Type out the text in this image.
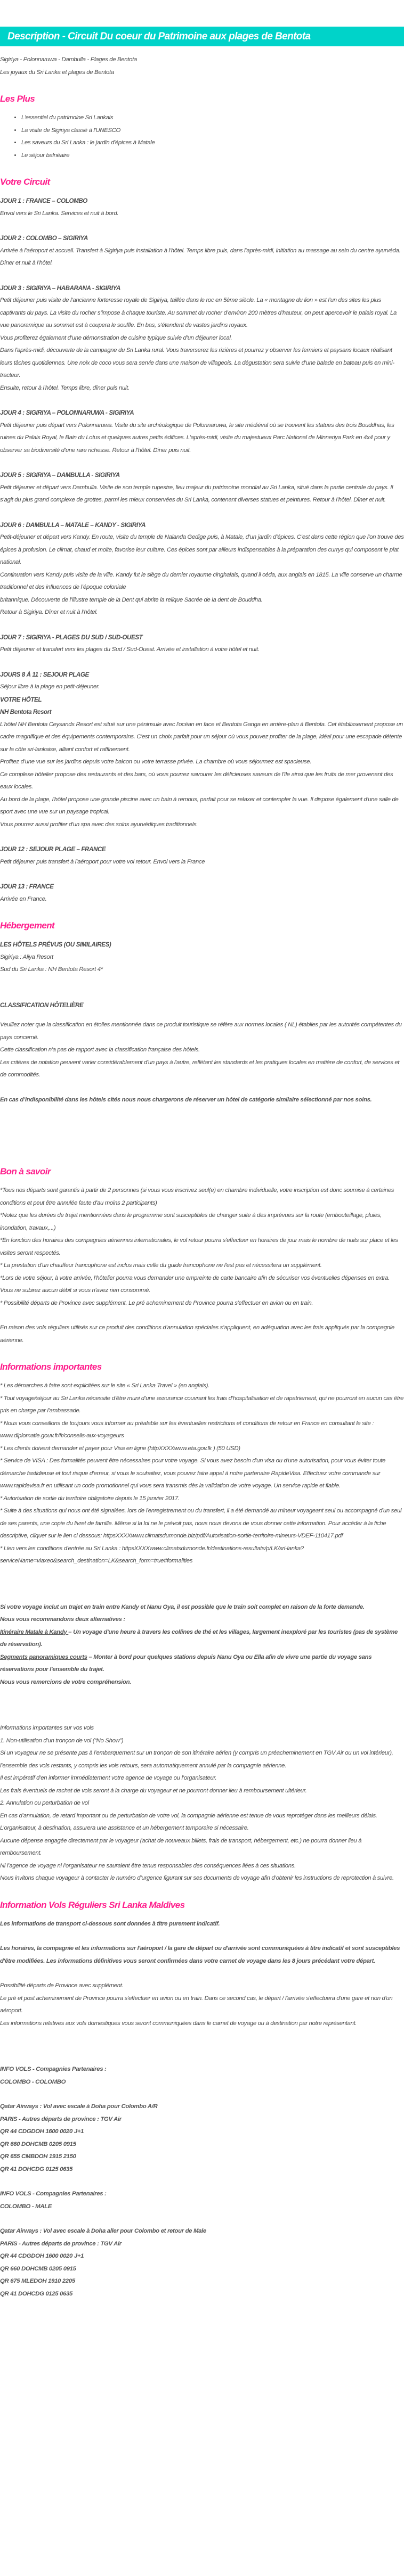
Description - Circuit Du coeur du Patrimoine aux plages de Bentota

Sigiriya - Polonnaruwa - Dambulla - Plages de Bentota

Les joyaux du Sri Lanka et plages de Bentota

Les Plus
• L'essentiel du patrimoine Sri Lankais
• La visite de Sigiriya classé à l'UNESCO
• Les saveurs du Sri Lanka : le jardin d'épices à Matale
• Le séjour balnéaire
Votre Circuit
JOUR 1 : FRANCE – COLOMBO

Envol vers le Sri Lanka. Services et nuit à bord.

JOUR 2 : COLOMBO – SIGIRIYA

Arrivée à l’aéroport et accueil. Transfert à Sigiriya puis installation à l’hôtel. Temps libre puis, dans l’après-midi, initiation au massage au sein du centre ayurvéda. Dîner et nuit à l’hôtel.

JOUR 3 : SIGIRIYA – HABARANA - SIGIRIYA

Petit déjeuner puis visite de l’ancienne forteresse royale de Sigiriya, taillée dans le roc en 5ème siècle. La « montagne du lion » est l’un des sites les plus captivants du pays. La visite du rocher s’impose à chaque touriste. Au sommet du rocher d’environ 200 mètres d’hauteur, on peut apercevoir le palais royal. La vue panoramique au sommet est à coupera le souffle. En bas, s’étendent de vastes jardins royaux.
Vous profiterez également d’une démonstration de cuisine typique suivie d’un déjeuner local.
Dans l'après-midi, découverte de la campagne du Sri Lanka rural. Vous traverserez les rizières et pourrez y observer les fermiers et paysans locaux réalisant leurs tâches quotidiennes. Une noix de coco vous sera servie dans une maison de villageois. La dégustation sera suivie d’une balade en bateau puis en mini-tracteur.
Ensuite, retour à l’hôtel. Temps libre, dîner puis nuit.

JOUR 4 : SIGIRIYA – POLONNARUWA - SIGIRIYA

Petit déjeuner puis départ vers Polonnaruwa. Visite du site archéologique de Polonnaruwa, le site médiéval où se trouvent les statues des trois Bouddhas, les ruines du Palais Royal, le Bain du Lotus et quelques autres petits édifices. L'après-midi, visite du majestueux Parc National de Minneriya Park en 4x4 pour y observer sa biodiversité d’une rare richesse. Retour à l’hôtel. Dîner puis nuit.

JOUR 5 : SIGIRIYA – DAMBULLA - SIGIRIYA

Petit déjeuner et départ vers Dambulla. Visite de son temple rupestre, lieu majeur du patrimoine mondial au Sri Lanka, situé dans la partie centrale du pays. Il s’agit du plus grand complexe de grottes, parmi les mieux conservées du Sri Lanka, contenant diverses statues et peintures. Retour à l’hôtel. Dîner et nuit.

JOUR 6 : DAMBULLA – MATALE – KANDY - SIGIRIYA

Petit-déjeuner et départ vers Kandy. En route, visite du temple de Nalanda Gedige puis, à Matale, d’un jardin d’épices. C’est dans cette région que l’on trouve des épices à profusion. Le climat, chaud et moite, favorise leur culture. Ces épices sont par ailleurs indispensables à la préparation des currys qui composent le plat national.
Continuation vers Kandy puis visite de la ville. Kandy fut le siège du dernier royaume cinghalais, quand il céda, aux anglais en 1815. La ville conserve un charme traditionnel et des influences de l’époque coloniale
britannique. Découverte de l’illustre temple de la Dent qui abrite la relique Sacrée de la dent de Bouddha.
Retour à Sigiriya. Dîner et nuit à l’hôtel.

JOUR 7 : SIGIRIYA - PLAGES DU SUD / SUD-OUEST

Petit déjeuner et transfert vers les plages du Sud / Sud-Ouest. Arrivée et installation à votre hôtel et nuit.

JOURS 8 À 11 : SEJOUR PLAGE

Séjour libre à la plage en petit-déjeuner.

VOTRE HÔTEL
NH Bentota Resort

L'hôtel NH Bentota Ceysands Resort est situé sur une péninsule avec l'océan en face et Bentota Ganga en arrière-plan à Bentota. Cet établissement propose un cadre magnifique et des équipements contemporains. C'est un choix parfait pour un séjour où vous pouvez profiter de la plage, idéal pour une escapade détente sur la côte sri-lankaise, alliant confort et raffinement.
Profitez d’une vue sur les jardins depuis votre balcon ou votre terrasse privée. La chambre où vous séjournez est spacieuse.
Ce complexe hôtelier propose des restaurants et des bars, où vous pourrez savourer les délicieuses saveurs de l'île ainsi que les fruits de mer provenant des eaux locales.
Au bord de la plage, l'hôtel propose une grande piscine avec un bain à remous, parfait pour se relaxer et contempler la vue. Il dispose également d'une salle de sport avec une vue sur un paysage tropical.
Vous pourrez aussi profiter d'un spa avec des soins ayurvédiques traditionnels.

JOUR 12 : SEJOUR PLAGE – FRANCE

Petit déjeuner puis transfert à l’aéroport pour votre vol retour. Envol vers la France

JOUR 13 : FRANCE

Arrivée en France.

Hébergement
LES HÔTELS PRÉVUS (OU SIMILAIRES)

Sigiriya : Aliya Resort
Sud du Sri Lanka : NH Bentota Resort 4*

CLASSIFICATION HÔTELIÈRE

Veuillez noter que la classification en étoiles mentionnée dans ce produit touristique se réfère aux normes locales ( NL) établies par les autorités compétentes du pays concerné.
Cette classification n'a pas de rapport avec la classification française des hôtels.
Les critères de notation peuvent varier considérablement d'un pays à l'autre, reflétant les standards et les pratiques locales en matière de confort, de services et de commodités.

En cas d’indisponibilité dans les hôtels cités nous nous chargerons de réserver un hôtel de catégorie similaire sélectionné par nos soins.

Bon à savoir

*Tous nos départs sont garantis à partir de 2 personnes (si vous vous inscrivez seul(e) en chambre individuelle, votre inscription est donc soumise à certaines conditions et peut être annulée faute d'au moins 2 participants)
*Notez que les durées de trajet mentionnées dans le programme sont susceptibles de changer suite à des imprévues sur la route (embouteillage, pluies, inondation, travaux,...)
*En fonction des horaires des compagnies aériennes internationales, le vol retour pourra s'effectuer en horaires de jour mais le nombre de nuits sur place et les visites seront respectés.
* La prestation d'un chauffeur francophone est inclus mais celle du guide francophone ne l'est pas et nécessitera un supplément.
*Lors de votre séjour, à votre arrivée, l’hôtelier pourra vous demander une empreinte de carte bancaire afin de sécuriser vos éventuelles dépenses en extra. Vous ne subirez aucun débit si vous n'avez rien consommé.
* Possibilité départs de Province avec supplément. Le pré acheminement de Province pourra s'effectuer en avion ou en train.

En raison des vols réguliers utilisés sur ce produit des conditions d’annulation spéciales s’appliquent, en adéquation avec les frais appliqués par la compagnie aérienne.

Informations importantes

* Les démarches à faire sont explicitées sur le site « Sri Lanka Travel » (en anglais).
* Tout voyage/séjour au Sri Lanka nécessite d’être muni d’une assurance couvrant les frais d’hospitalisation et de rapatriement, qui ne pourront en aucun cas être pris en charge par l’ambassade.
* Nous vous conseillons de toujours vous informer au préalable sur les éventuelles restrictions et conditions de retour en France en consultant le site : www.diplomatie.gouv.fr/fr/conseils-aux-voyageurs
* Les clients doivent demander et payer pour Visa en ligne (httpXXXXwww.eta.gov.lk ) (50 USD)
* Service de VISA : Des formalités peuvent être nécessaires pour votre voyage. Si vous avez besoin d'un visa ou d'une autorisation, pour vous éviter toute démarche fastidieuse et tout risque d'erreur, si vous le souhaitez, vous pouvez faire appel à notre partenaire RapideVisa. Effectuez votre commande sur www.rapidevisa.fr en utilisant un code promotionnel qui vous sera transmis dès la validation de votre voyage. Un service rapide et fiable.
* Autorisation de sortie du territoire obligatoire depuis le 15 janvier 2017.
* Suite à des situations qui nous ont été signalées, lors de l'enregistrement ou du transfert, il a été demandé au mineur voyageant seul ou accompagné d'un seul de ses parents, une copie du livret de famille. Même si la loi ne le prévoit pas, nous nous devons de vous donner cette information. Pour accéder à la fiche descriptive, cliquer sur le lien ci dessous: httpsXXXXwww.climatsdumonde.biz/pdf/Autorisation-sortie-territoire-mineurs-VDEF-110417.pdf
* Lien vers les conditions d'entrée au Sri Lanka : httpsXXXXwww.climatsdumonde.fr/destinations-resultats/p/LK/sri-lanka?serviceName=viaxeo&search_destination=LK&search_form=true#formalities

Si votre voyage inclut un trajet en train entre Kandy et Nanu Oya, il est possible que le train soit complet en raison de la forte demande.
Nous vous recommandons deux alternatives :
Itinéraire Matale à Kandy – Un voyage d'une heure à travers les collines de thé et les villages, largement inexploré par les touristes (pas de système de réservation).
Segments panoramiques courts – Monter à bord pour quelques stations depuis Nanu Oya ou Ella afin de vivre une partie du voyage sans réservations pour l'ensemble du trajet.
Nous vous remercions de votre compréhension.

Informations importantes sur vos vols
1. Non-utilisation d’un tronçon de vol (“No Show”)
Si un voyageur ne se présente pas à l’embarquement sur un tronçon de son itinéraire aérien (y compris un préacheminement en TGV Air ou un vol intérieur), l’ensemble des vols restants, y compris les vols retours, sera automatiquement annulé par la compagnie aérienne.
Il est impératif d’en informer immédiatement votre agence de voyage ou l’organisateur.
Les frais éventuels de rachat de vols seront à la charge du voyageur et ne pourront donner lieu à remboursement ultérieur.
2. Annulation ou perturbation de vol
En cas d’annulation, de retard important ou de perturbation de votre vol, la compagnie aérienne est tenue de vous reprotéger dans les meilleurs délais.
L’organisateur, à destination, assurera une assistance et un hébergement temporaire si nécessaire.
Aucune dépense engagée directement par le voyageur (achat de nouveaux billets, frais de transport, hébergement, etc.) ne pourra donner lieu à remboursement.
Ni l’agence de voyage ni l’organisateur ne sauraient être tenus responsables des conséquences liées à ces situations.
Nous invitons chaque voyageur à contacter le numéro d’urgence figurant sur ses documents de voyage afin d’obtenir les instructions de reprotection à suivre.

Information Vols Réguliers Sri Lanka Maldives

Les informations de transport ci-dessous sont données à titre purement indicatif.

Les horaires, la compagnie et les informations sur l'aéroport / la gare de départ ou d'arrivée sont communiquées à titre indicatif et sont susceptibles d'être modifiées. Les informations définitives vous seront confirmées dans votre carnet de voyage dans les 8 jours précédant votre départ.

Possibilité départs de Province avec supplément.
Le pré et post acheminement de Province pourra s'effectuer en avion ou en train. Dans ce second cas, le départ / l'arrivée s'effectuera d'une gare et non d'un aéroport.
Les informations relatives aux vols domestiques vous seront communiquées dans le carnet de voyage ou à destination par notre représentant.

INFO VOLS - Compagnies Partenaires :
COLOMBO - COLOMBO

Qatar Airways : Vol avec escale à Doha pour Colombo A/R
PARIS - Autres départs de province : TGV Air
QR 44 CDGDOH 1600 0020 J+1
QR 660 DOHCMB 0205 0915
QR 655 CMBDOH 1915 2150
QR 41 DOHCDG 0125 0635

INFO VOLS - Compagnies Partenaires :
COLOMBO - MALE

Qatar Airways : Vol avec escale à Doha aller pour Colombo et retour de Male
PARIS - Autres départs de province : TGV Air
QR 44 CDGDOH 1600 0020 J+1
QR 660 DOHCMB 0205 0915
QR 675 MLEDOH 1910 2205
QR 41 DOHCDG 0125 0635
